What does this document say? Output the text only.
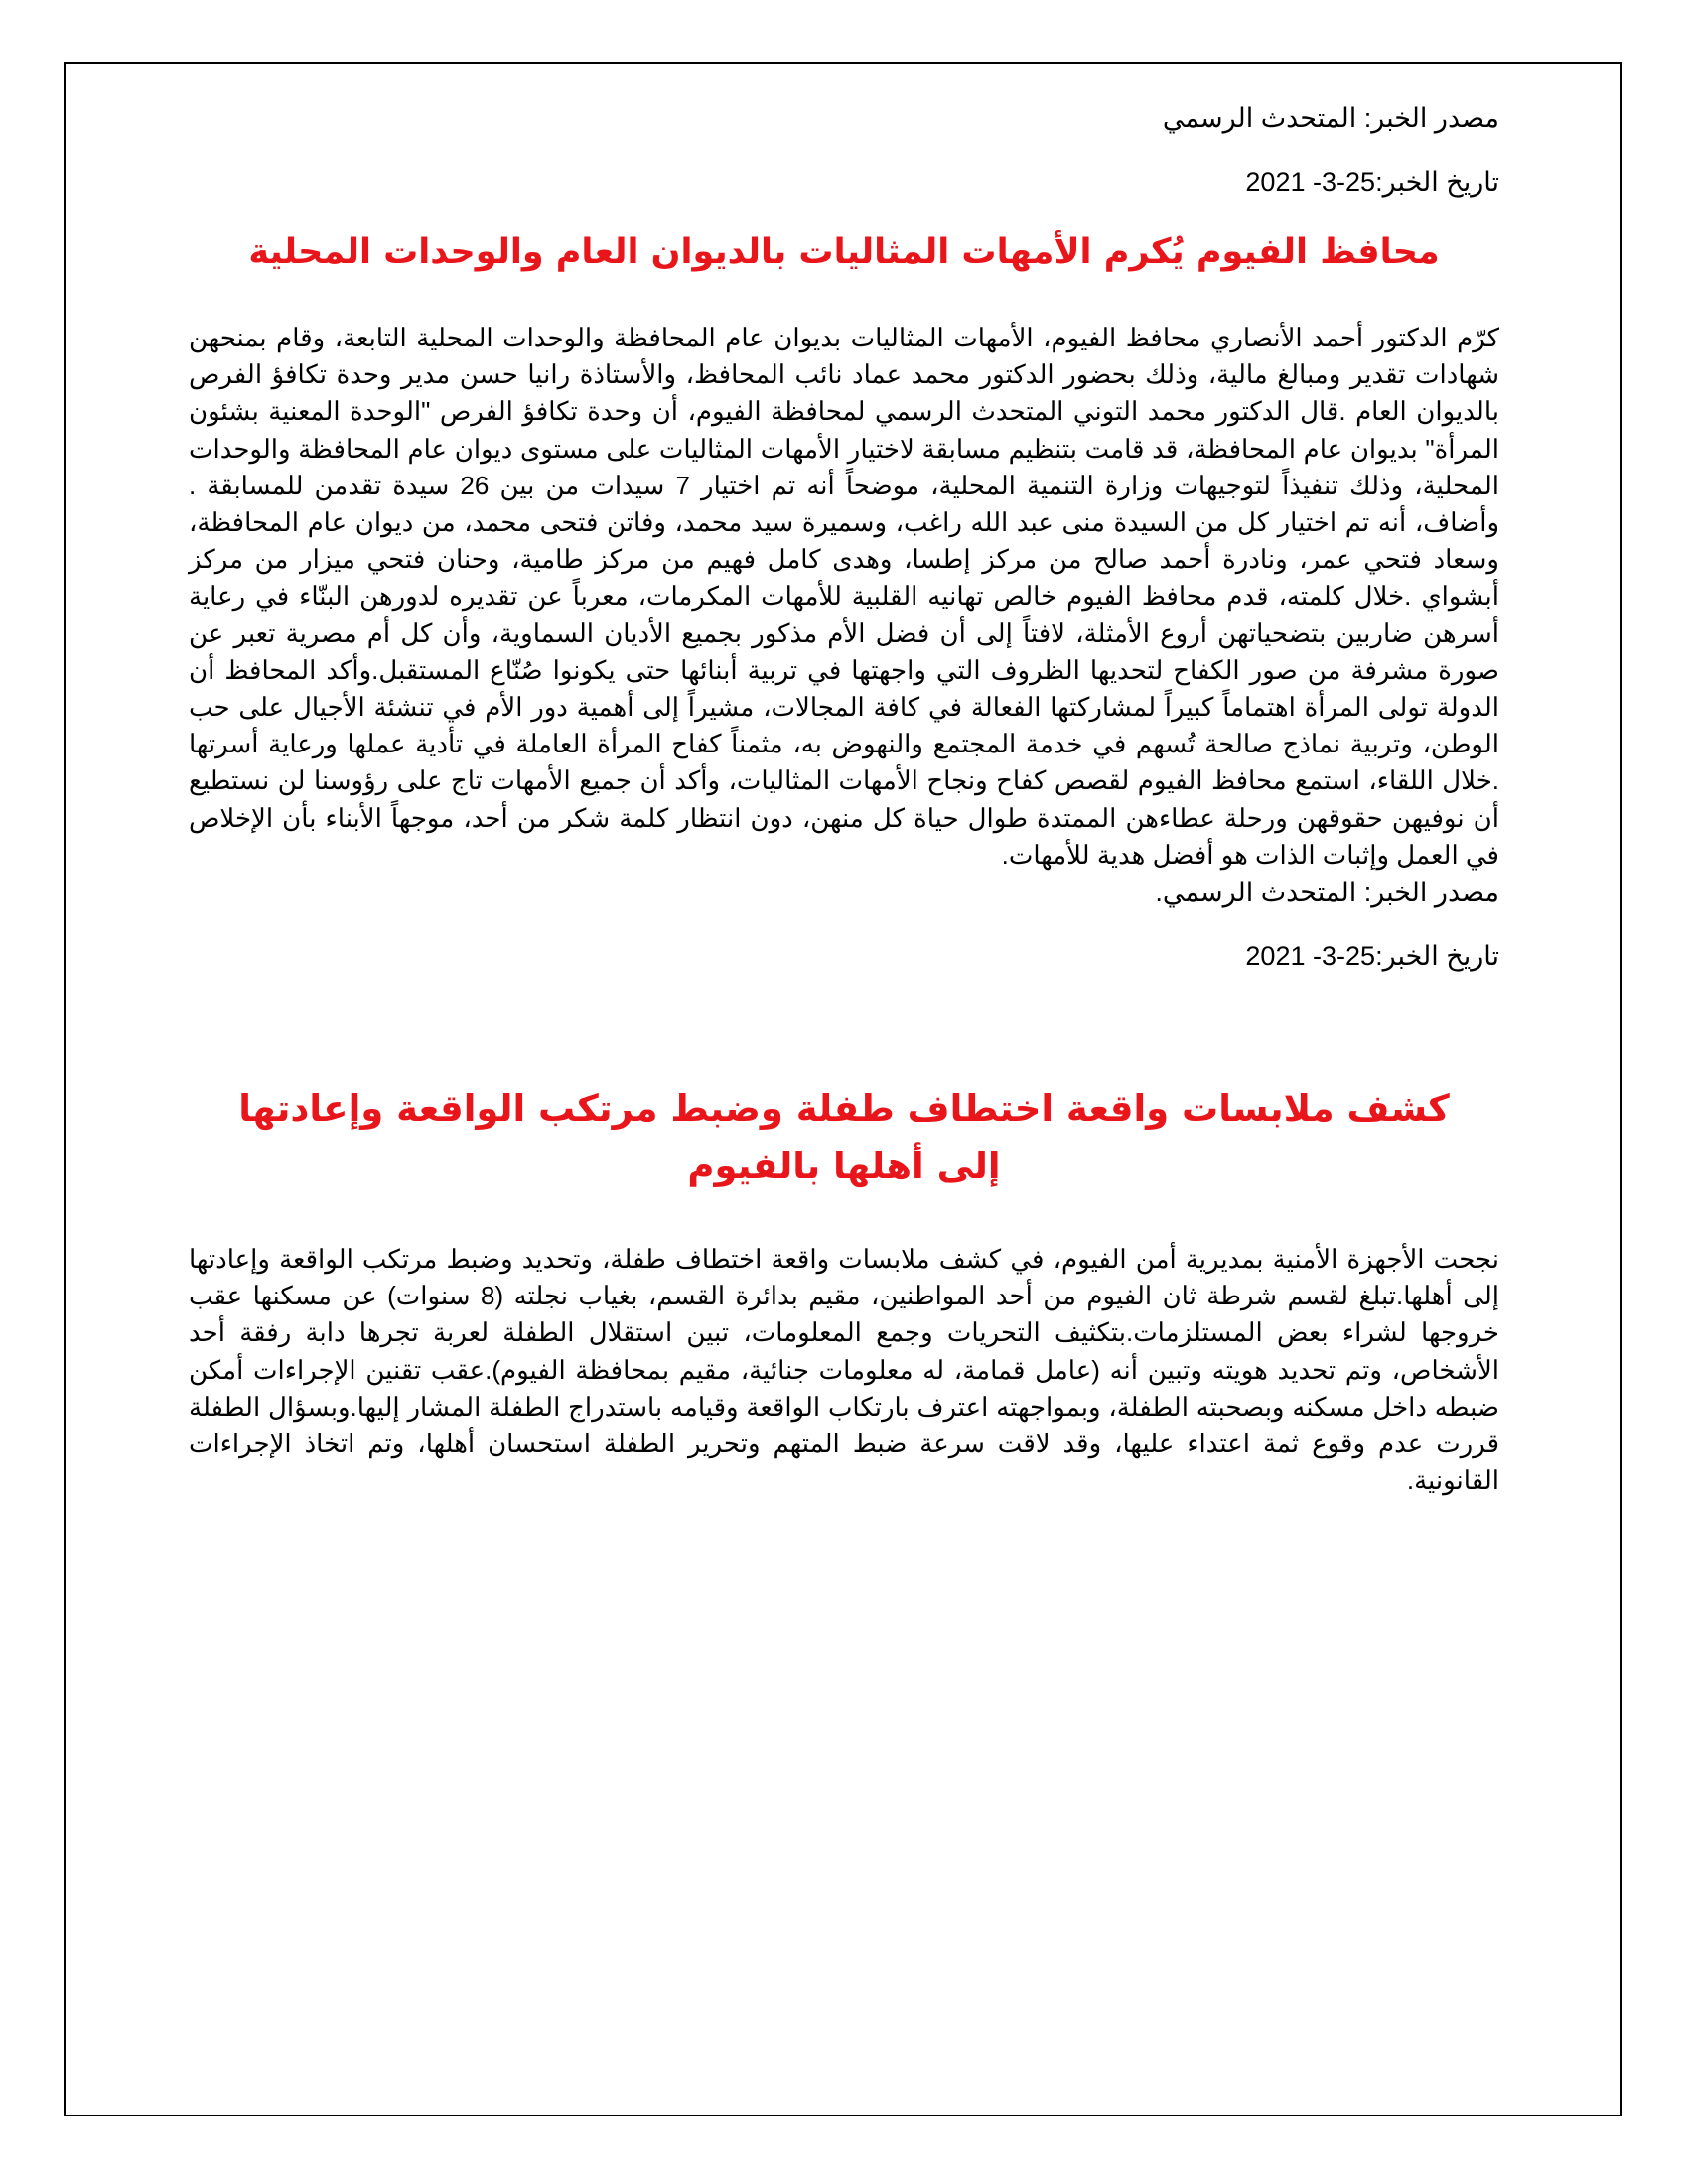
مصدر الخبر: المتحدث الرسمي

تاريخ الخبر:25-3- 2021

محافظ الفيوم يُكرم الأمهات المثاليات بالديوان العام والوحدات المحلية

كرّم الدكتور أحمد الأنصاري محافظ الفيوم، الأمهات المثاليات بديوان عام المحافظة والوحدات المحلية التابعة، وقام بمنحهن شهادات تقدير ومبالغ مالية، وذلك بحضور الدكتور محمد عماد نائب المحافظ، والأستاذة رانيا حسن مدير وحدة تكافؤ الفرص بالديوان العام .قال الدكتور محمد التوني المتحدث الرسمي لمحافظة الفيوم، أن وحدة تكافؤ الفرص "الوحدة المعنية بشئون المرأة" بديوان عام المحافظة، قد قامت بتنظيم مسابقة لاختيار الأمهات المثاليات على مستوى ديوان عام المحافظة والوحدات المحلية، وذلك تنفيذاً لتوجيهات وزارة التنمية المحلية، موضحاً أنه تم اختيار 7 سيدات من بين 26 سيدة تقدمن للمسابقة . وأضاف، أنه تم اختيار كل من السيدة منى عبد الله راغب، وسميرة سيد محمد، وفاتن فتحى محمد، من ديوان عام المحافظة، وسعاد فتحي عمر، ونادرة أحمد صالح من مركز إطسا، وهدى كامل فهيم من مركز طامية، وحنان فتحي ميزار من مركز أبشواي .خلال كلمته، قدم محافظ الفيوم خالص تهانيه القلبية للأمهات المكرمات، معرباً عن تقديره لدورهن البنّاء في رعاية أسرهن ضاربين بتضحياتهن أروع الأمثلة، لافتاً إلى أن فضل الأم مذكور بجميع الأديان السماوية، وأن كل أم مصرية تعبر عن صورة مشرفة من صور الكفاح لتحديها الظروف التي واجهتها في تربية أبنائها حتى يكونوا صُنّاع المستقبل.وأكد المحافظ أن الدولة تولى المرأة اهتماماً كبيراً لمشاركتها الفعالة في كافة المجالات، مشيراً إلى أهمية دور الأم في تنشئة الأجيال على حب الوطن، وتربية نماذج صالحة تُسهم في خدمة المجتمع والنهوض به، مثمناً كفاح المرأة العاملة في تأدية عملها ورعاية أسرتها .خلال اللقاء، استمع محافظ الفيوم لقصص كفاح ونجاح الأمهات المثاليات، وأكد أن جميع الأمهات تاج على رؤوسنا لن نستطيع أن نوفيهن حقوقهن ورحلة عطاءهن الممتدة طوال حياة كل منهن، دون انتظار كلمة شكر من أحد، موجهاً الأبناء بأن الإخلاص في العمل وإثبات الذات هو أفضل هدية للأمهات.

مصدر الخبر: المتحدث الرسمي.

تاريخ الخبر:25-3- 2021

كشف ملابسات واقعة اختطاف طفلة وضبط مرتكب الواقعة وإعادتها إلى أهلها بالفيوم

نجحت الأجهزة الأمنية بمديرية أمن الفيوم، في كشف ملابسات واقعة اختطاف طفلة، وتحديد وضبط مرتكب الواقعة وإعادتها إلى أهلها.تبلغ لقسم شرطة ثان الفيوم من أحد المواطنين، مقيم بدائرة القسم، بغياب نجلته (8 سنوات) عن مسكنها عقب خروجها لشراء بعض المستلزمات.بتكثيف التحريات وجمع المعلومات، تبين استقلال الطفلة لعربة تجرها دابة رفقة أحد الأشخاص، وتم تحديد هويته وتبين أنه (عامل قمامة، له معلومات جنائية، مقيم بمحافظة الفيوم).عقب تقنين الإجراءات أمكن ضبطه داخل مسكنه وبصحبته الطفلة، وبمواجهته اعترف بارتكاب الواقعة وقيامه باستدراج الطفلة المشار إليها.وبسؤال الطفلة قررت عدم وقوع ثمة اعتداء عليها، وقد لاقت سرعة ضبط المتهم وتحرير الطفلة استحسان أهلها، وتم اتخاذ الإجراءات القانونية.
